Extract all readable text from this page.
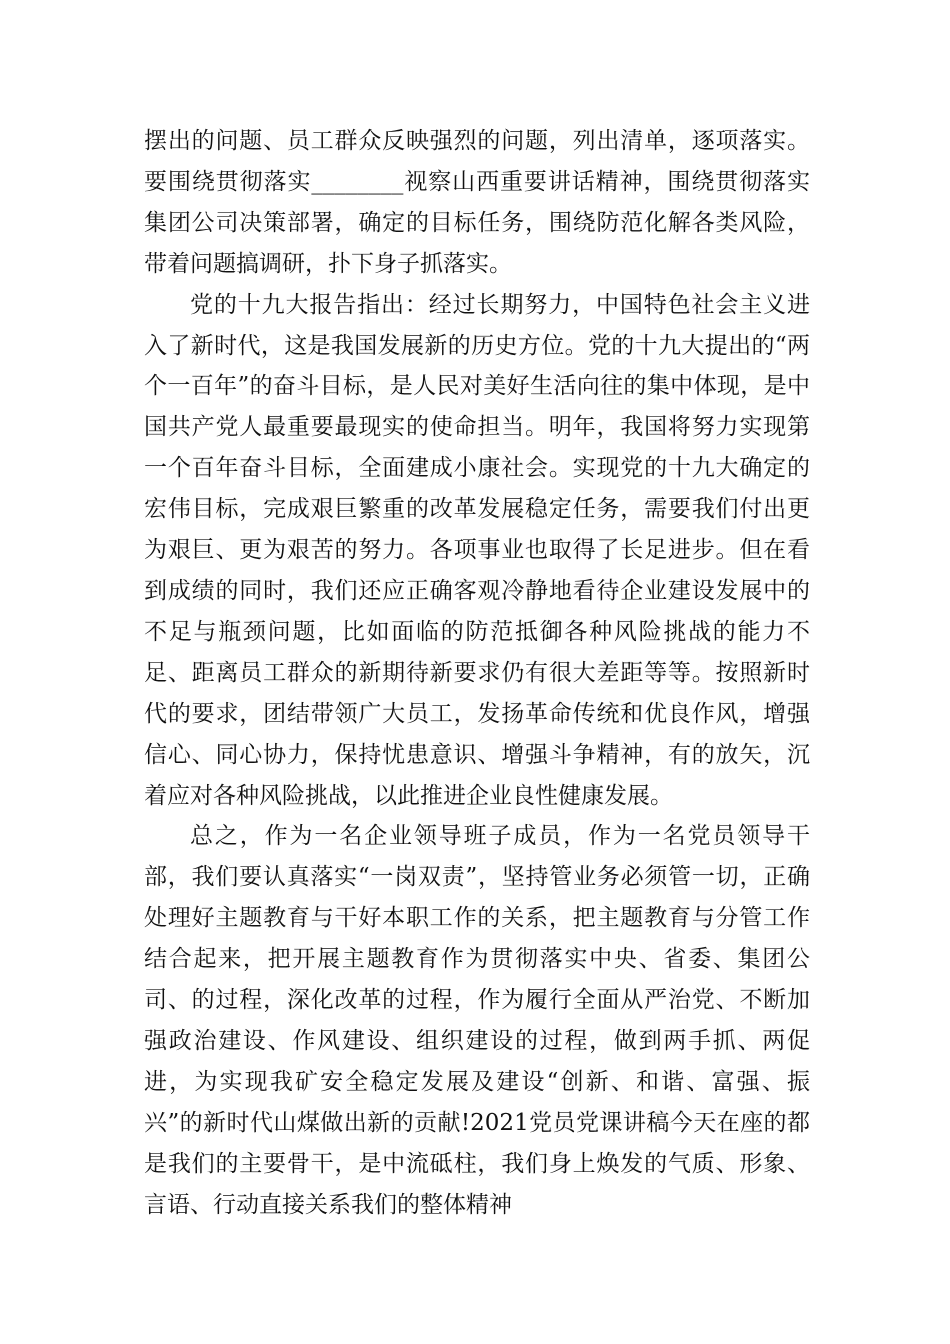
摆出的问题、员工群众反映强烈的问题，列出清单，逐项落实。要围绕贯彻落实________视察山西重要讲话精神，围绕贯彻落实集团公司决策部署，确定的目标任务，围绕防范化解各类风险，带着问题搞调研，扑下身子抓落实。

党的十九大报告指出：经过长期努力，中国特色社会主义进入了新时代，这是我国发展新的历史方位。党的十九大提出的“两个一百年”的奋斗目标，是人民对美好生活向往的集中体现，是中国共产党人最重要最现实的使命担当。明年，我国将努力实现第一个百年奋斗目标，全面建成小康社会。实现党的十九大确定的宏伟目标，完成艰巨繁重的改革发展稳定任务，需要我们付出更为艰巨、更为艰苦的努力。各项事业也取得了长足进步。但在看到成绩的同时，我们还应正确客观冷静地看待企业建设发展中的不足与瓶颈问题，比如面临的防范抵御各种风险挑战的能力不足、距离员工群众的新期待新要求仍有很大差距等等。按照新时代的要求，团结带领广大员工，发扬革命传统和优良作风，增强信心、同心协力，保持忧患意识、增强斗争精神，有的放矢，沉着应对各种风险挑战，以此推进企业良性健康发展。

总之，作为一名企业领导班子成员，作为一名党员领导干部，我们要认真落实“一岗双责”，坚持管业务必须管一切，正确处理好主题教育与干好本职工作的关系，把主题教育与分管工作结合起来，把开展主题教育作为贯彻落实中央、省委、集团公司、的过程，深化改革的过程，作为履行全面从严治党、不断加强政治建设、作风建设、组织建设的过程，做到两手抓、两促进，为实现我矿安全稳定发展及建设“创新、和谐、富强、振兴”的新时代山煤做出新的贡献!2021党员党课讲稿今天在座的都是我们的主要骨干，是中流砥柱，我们身上焕发的气质、形象、言语、行动直接关系我们的整体精神
